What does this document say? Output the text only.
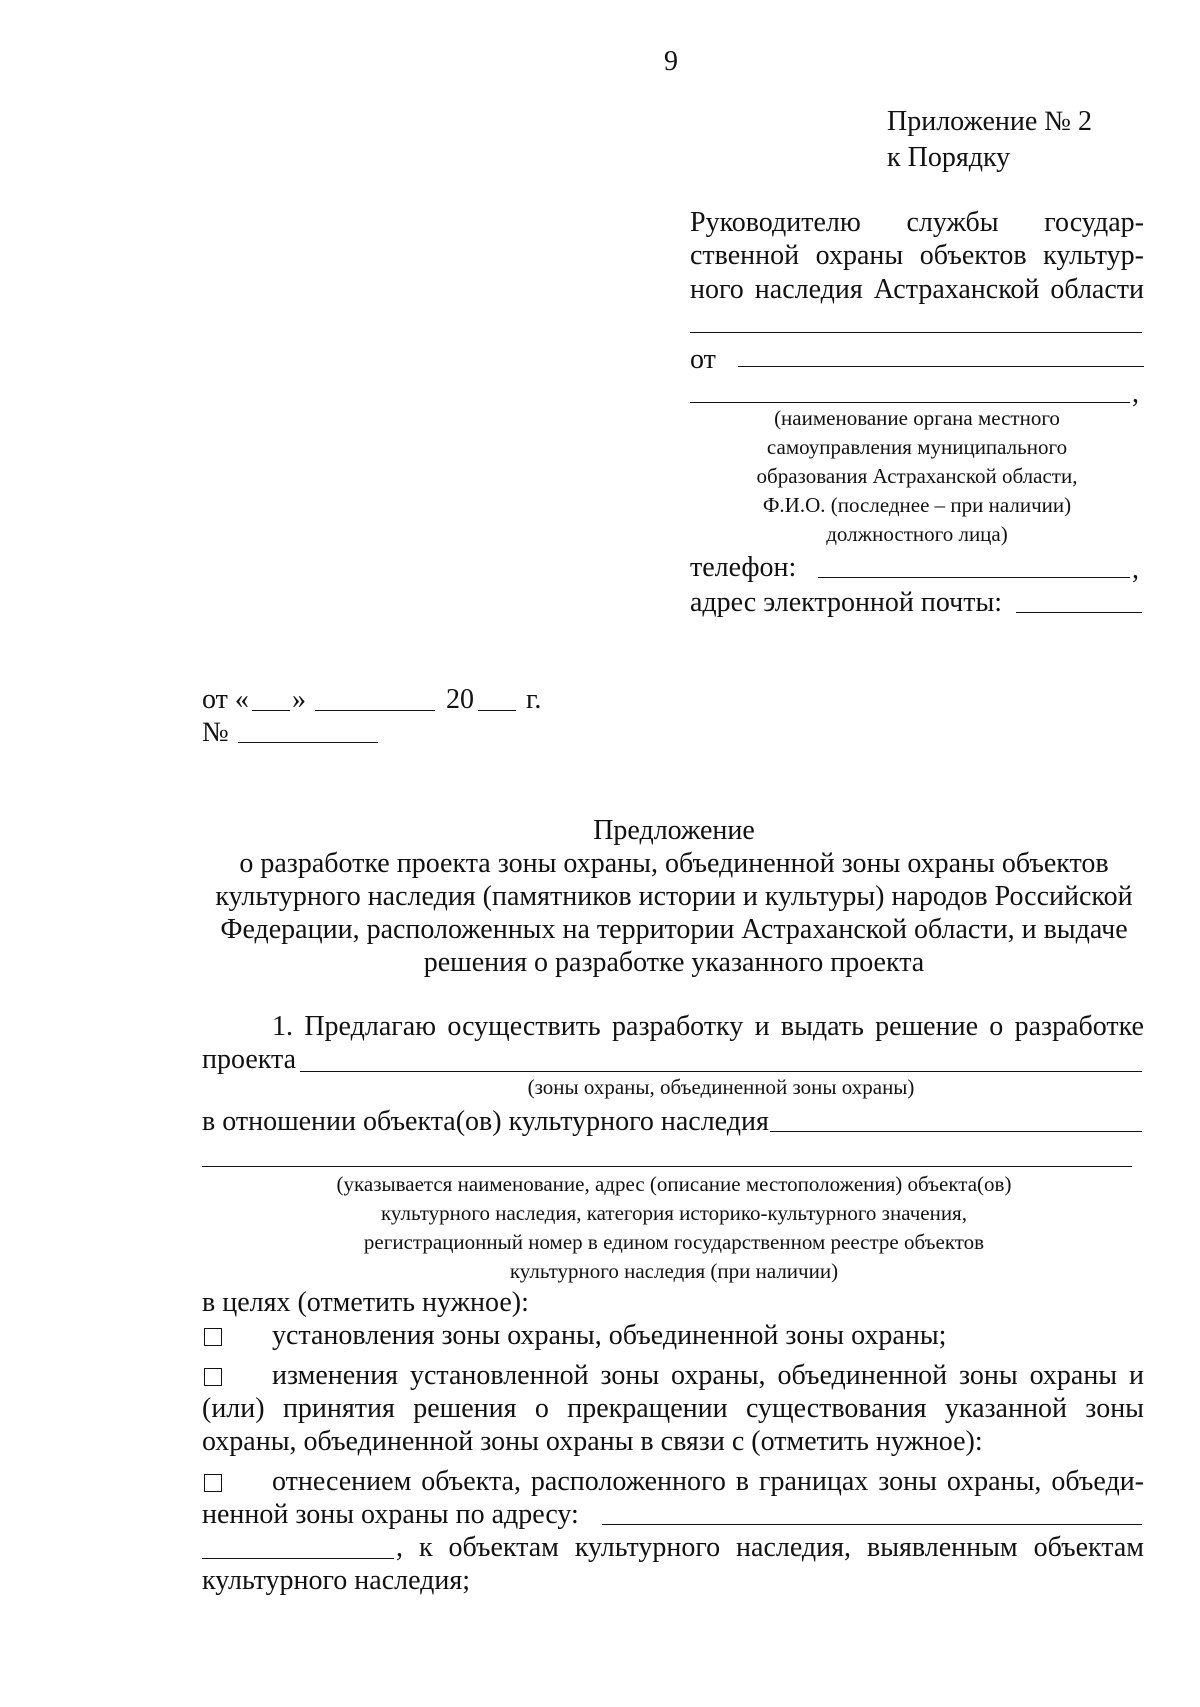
9
Приложение № 2
к Порядку
Руководителю службы государ-
ственной охраны объектов культур-
ного наследия Астраханской области
от
,
(наименование органа местного
самоуправления муниципального
образования Астраханской области,
Ф.И.О. (последнее – при наличии)
должностного лица)
телефон:	,
адрес электронной почты:
от « »	20 г.
№
Предложение
о разработке проекта зоны охраны, объединенной зоны охраны объектов
культурного наследия (памятников истории и культуры) народов Российской
Федерации, расположенных на территории Астраханской области, и выдаче
решения о разработке указанного проекта
1. Предлагаю осуществить разработку и выдать решение о разработке
проекта
(зоны охраны, объединенной зоны охраны)
в отношении объекта(ов) культурного наследия
(указывается наименование, адрес (описание местоположения) объекта(ов)
культурного наследия, категория историко-культурного значения,
регистрационный номер в едином государственном реестре объектов
культурного наследия (при наличии)
в целях (отметить нужное):
установления зоны охраны, объединенной зоны охраны;
изменения установленной зоны охраны, объединенной зоны охраны и
(или) принятия решения о прекращении существования указанной зоны
охраны, объединенной зоны охраны в связи с (отметить нужное):
отнесением объекта, расположенного в границах зоны охраны, объеди-
ненной зоны охраны по адресу:
, к объектам культурного наследия, выявленным объектам
культурного наследия;
